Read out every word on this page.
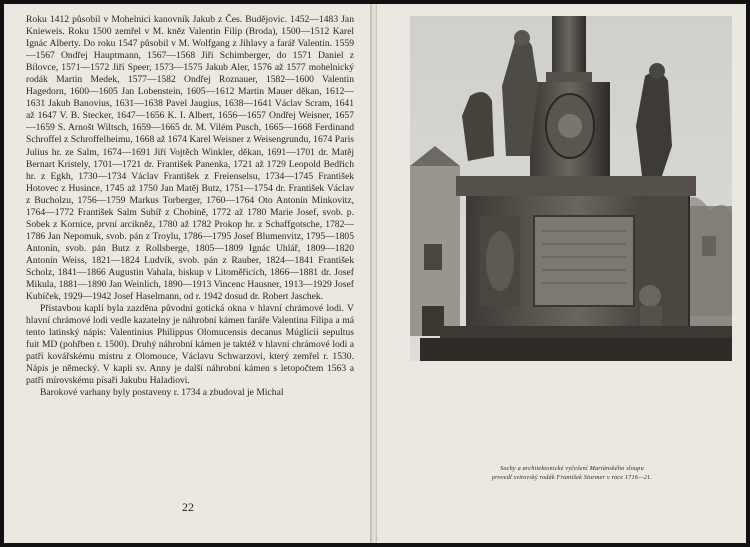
Roku 1412 působil v Mohelnici kanovník Jakub z Čes. Budějovic. 1452—1483 Jan Knieweis. Roku 1500 zemřel v M. kněz Valentin Filip (Broda), 1500—1512 Karel Ignác Alberty. Do roku 1547 působil v M. Wolfgang z Jihlavy a farář Valentin. 1559—1567 Ondřej Hauptmann, 1567—1568 Jiří Schimberger, do 1571 Daniel z Bílovce, 1571—1572 Jiří Speer, 1573—1575 Jakub Aler, 1576 až 1577 mohelnický rodák Martin Medek, 1577—1582 Ondřej Roznauer, 1582—1600 Valentin Hagedorn, 1600—1605 Jan Lobenstein, 1605—1612 Martin Mauer děkan, 1612—1631 Jakub Banovius, 1631—1638 Pavel Jaugius, 1638—1641 Václav Scram, 1641 až 1647 V. B. Stecker, 1647—1656 K. I. Albert, 1656—1657 Ondřej Weisner, 1657—1659 S. Arnošt Wiltsch, 1659—1665 dr. M. Vilém Pusch, 1665—1668 Ferdinand Schroffel z Schroffelheimu, 1668 až 1674 Karel Weisner z Weisengrundu, 1674 Paris Julius hr. ze Salm, 1674—1691 Jiří Vojtěch Winkler, děkan, 1691—1701 dr. Matěj Bernart Kristely, 1701—1721 dr. František Panenka, 1721 až 1729 Leopold Bedřich hr. z Egkh, 1730—1734 Václav František z Freienselsu, 1734—1745 František Hotovec z Husince, 1745 až 1750 Jan Matěj Butz, 1751—1754 dr. František Václav z Bucholzu, 1756—1759 Markus Torberger, 1760—1764 Oto Antonín Minkovitz, 1764—1772 František Salm Subíř z Chobině, 1772 až 1780 Marie Josef, svob. p. Sobek z Kornice, první arcikněz, 1780 až 1782 Prokop hr. z Schaffgotsche, 1782—1786 Jan Nepomuk, svob. pán z Troylu, 1786—1795 Josef Blumenvitz, 1795—1805 Antonín, svob. pán Butz z Rollsberge, 1805—1809 Ignác Uhlář, 1809—1820 Antonín Weiss, 1821—1824 Ludvík, svob. pán z Rauber, 1824—1841 František Scholz, 1841—1866 Augustin Vahala, biskup v Litoměřicích, 1866—1881 dr. Josef Mikula, 1881—1890 Jan Weinlich, 1890—1913 Vincenc Hausner, 1913—1929 Josef Kubíček, 1929—1942 Josef Haselmann, od r. 1942 dosud dr. Robert Jaschek.

Přístavbou kaplí byla zazděna původní gotická okna v hlavní chrámové lodi. V hlavní chrámové lodi vedle kazatelny je náhrobní kámen faráře Valentina Filipa a má tento latinský nápis: Valentinius Philippus Olomucensis decanus Múglicii sepultus fuit MD (pohřben r. 1500). Druhý náhrobní kámen je taktéž v hlavní chrámové lodi a patří kovářskému mistru z Olomouce, Václavu Schwarzovi, který zemřel r. 1530. Nápis je německý. V kapli sv. Anny je další náhrobní kámen s letopočtem 1563 a patří mírovskému písaři Jakubu Haladiovi.

Barokové varhany byly postaveny r. 1734 a zbudoval je Michal

22
Sochy a architektonické vyčešení Mariánského sloupu
provedl svitovský rodák František Sturmer v roce 1716—21.
